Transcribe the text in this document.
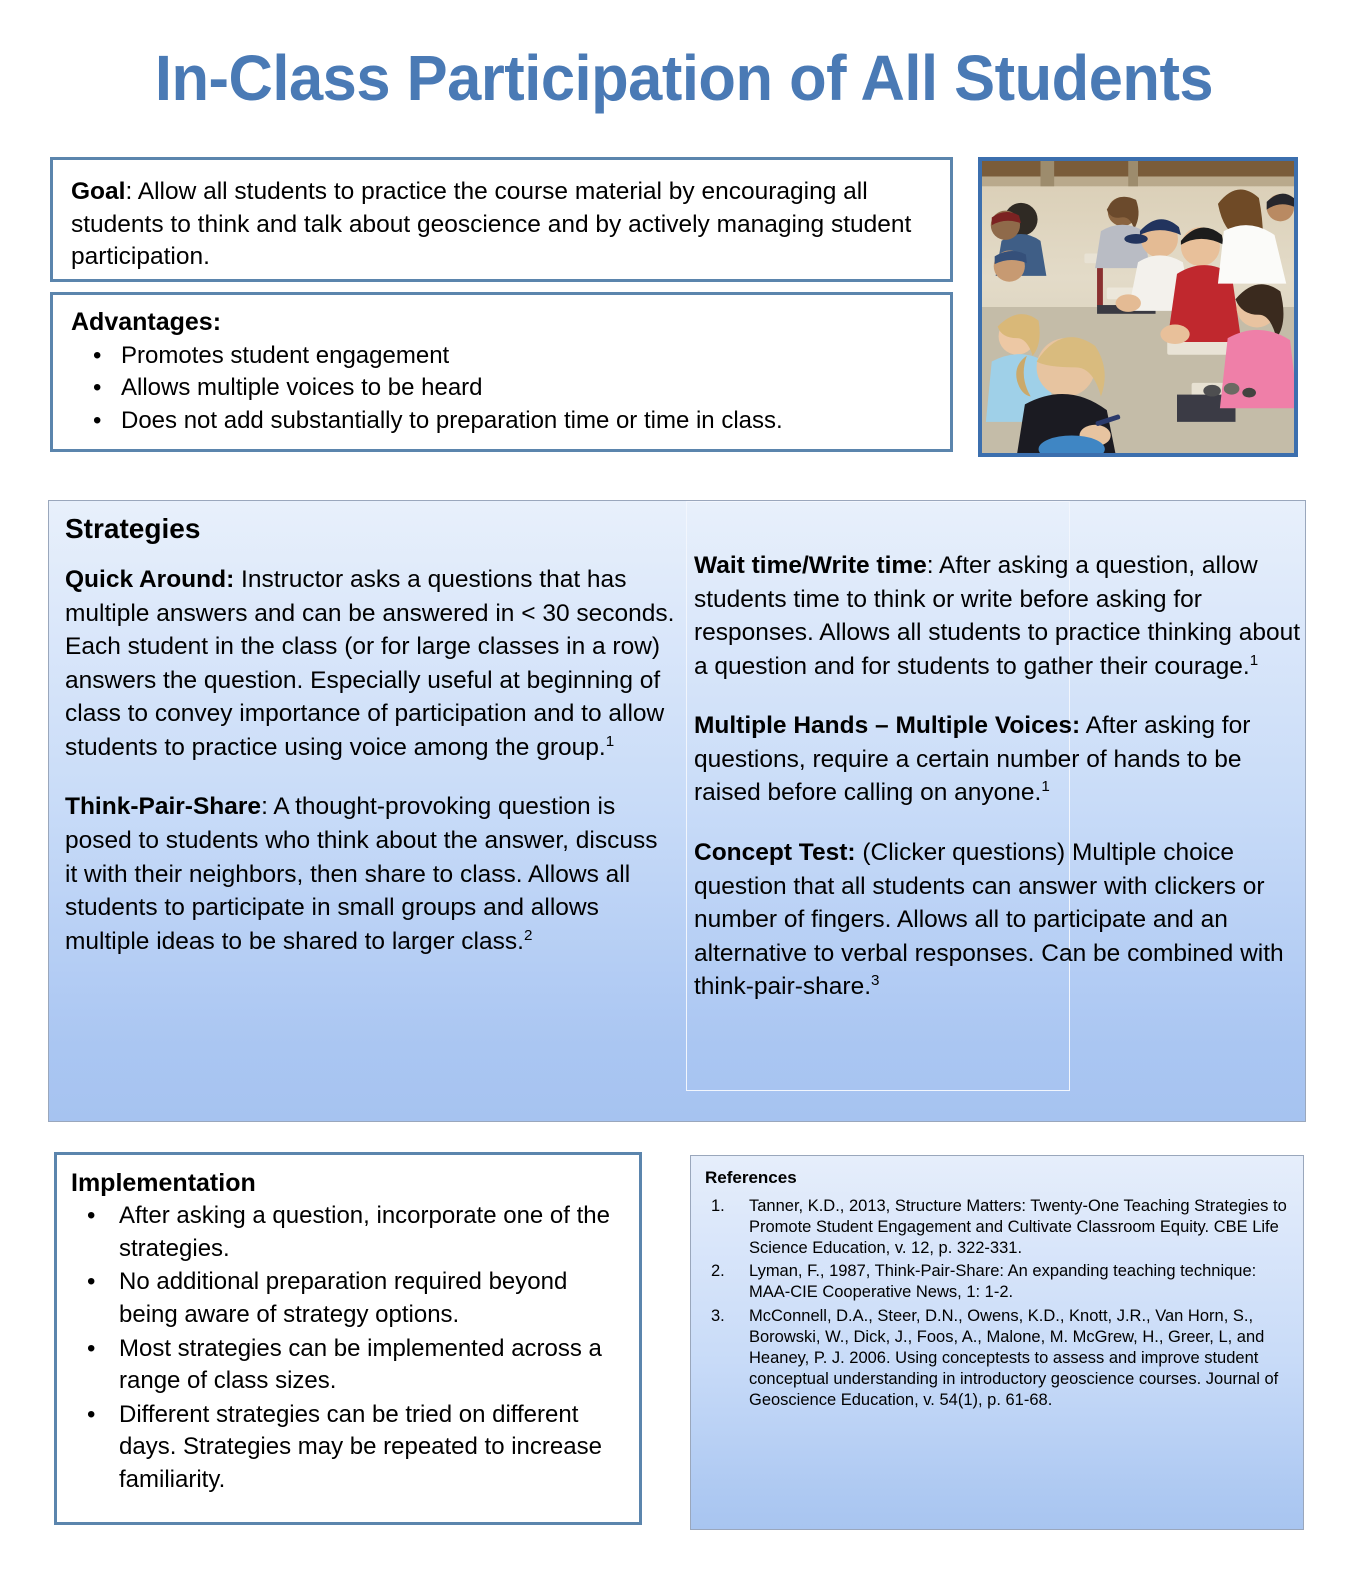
In-Class Participation of All Students
Goal: Allow all students to practice the course material by encouraging all students to think and talk about geoscience and by actively managing student participation.
Advantages:
• Promotes student engagement
• Allows multiple voices to be heard
• Does not add substantially to preparation time or time in class.
Strategies
Quick Around: Instructor asks a questions that has multiple answers and can be answered in < 30 seconds. Each student in the class (or for large classes in a row) answers the question. Especially useful at beginning of class to convey importance of participation and to allow students to practice using voice among the group.$^1$
Think-Pair-Share: A thought-provoking question is posed to students who think about the answer, discuss it with their neighbors, then share to class. Allows all students to participate in small groups and allows multiple ideas to be shared to larger class.$^2$
Wait time/Write time: After asking a question, allow students time to think or write before asking for responses. Allows all students to practice thinking about a question and for students to gather their courage.$^1$
Multiple Hands – Multiple Voices: After asking for questions, require a certain number of hands to be raised before calling on anyone.$^1$
Concept Test: (Clicker questions) Multiple choice question that all students can answer with clickers or number of fingers. Allows all to participate and an alternative to verbal responses. Can be combined with think-pair-share.$^3$
Implementation
• After asking a question, incorporate one of the strategies.
• No additional preparation required beyond being aware of strategy options.
• Most strategies can be implemented across a range of class sizes.
• Different strategies can be tried on different days. Strategies may be repeated to increase familiarity.
References
1. Tanner, K.D., 2013, Structure Matters: Twenty-One Teaching Strategies to Promote Student Engagement and Cultivate Classroom Equity. CBE Life Science Education, v. 12, p. 322-331.
2. Lyman, F., 1987, Think-Pair-Share: An expanding teaching technique: MAA-CIE Cooperative News, 1: 1-2.
3. McConnell, D.A., Steer, D.N., Owens, K.D., Knott, J.R., Van Horn, S., Borowski, W., Dick, J., Foos, A., Malone, M. McGrew, H., Greer, L, and Heaney, P. J. 2006. Using conceptests to assess and improve student conceptual understanding in introductory geoscience courses. Journal of Geoscience Education, v. 54(1), p. 61-68.
